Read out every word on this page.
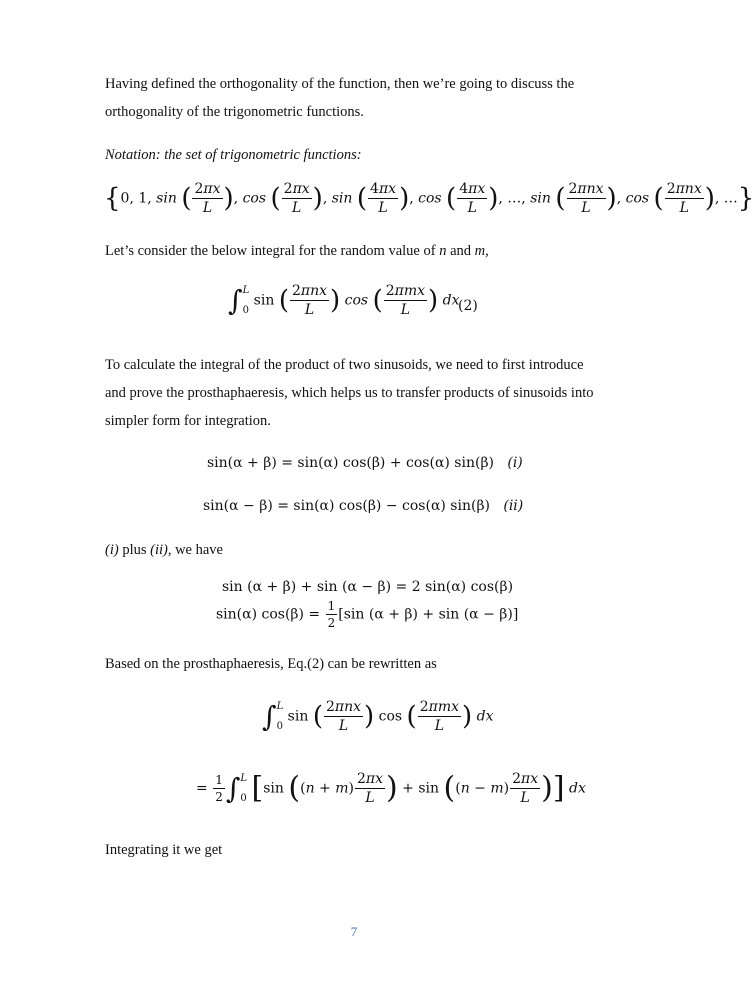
Having defined the orthogonality of the function, then we’re going to discuss the
orthogonality of the trigonometric functions.
Notation: the set of trigonometric functions:
{0, 1, sin ( $\frac{2\pi x}{L}$ ), cos ( $\frac{2\pi x}{L}$ ), sin ( $\frac{4\pi x}{L}$ ), cos ( $\frac{4\pi x}{L}$ ), …, sin ( $\frac{\text{2πnx}}{L}$ ), cos ( $\frac{\text{2πnx}}{L}$ ), …}
Let’s consider the below integral for the random value of n and m,
∫ L
0
sin ( $\frac{\text{2πnx}}{L}$ ) cos ( $\frac{\text{2πmx}}{L}$ ) dx
(2)
To calculate the integral of the product of two sinusoids, we need to first introduce
and prove the prosthaphaeresis, which helps us to transfer products of sinusoids into
simpler form for integration.
sin(α + β) = sin(α) cos(β) + cos(α) sin(β) (i)
sin(α − β) = sin(α) cos(β) − cos(α) sin(β) (ii)
(i) plus (ii), we have
sin (α + β) + sin (α − β) = 2 sin(α) cos(β)
sin(α) $\cos(\beta) = \frac{1}{2} [\sin$ (α + β) + sin (α − β)]
Based on the prosthaphaeresis, Eq.(2) can be rewritten as
∫ L
0
sin ( $\frac{\text{2πnx}}{L}$ ) cos ( $\frac{\text{2πmx}}{L}$ ) dx
= $\frac{1}{2}$ ∫ L
0 [sin ($(n + m) \frac{2\pi x}{L}$ ) + $\sin ((n - m) \frac{2\pi x}{L}$ )] dx
Integrating it we get
7
